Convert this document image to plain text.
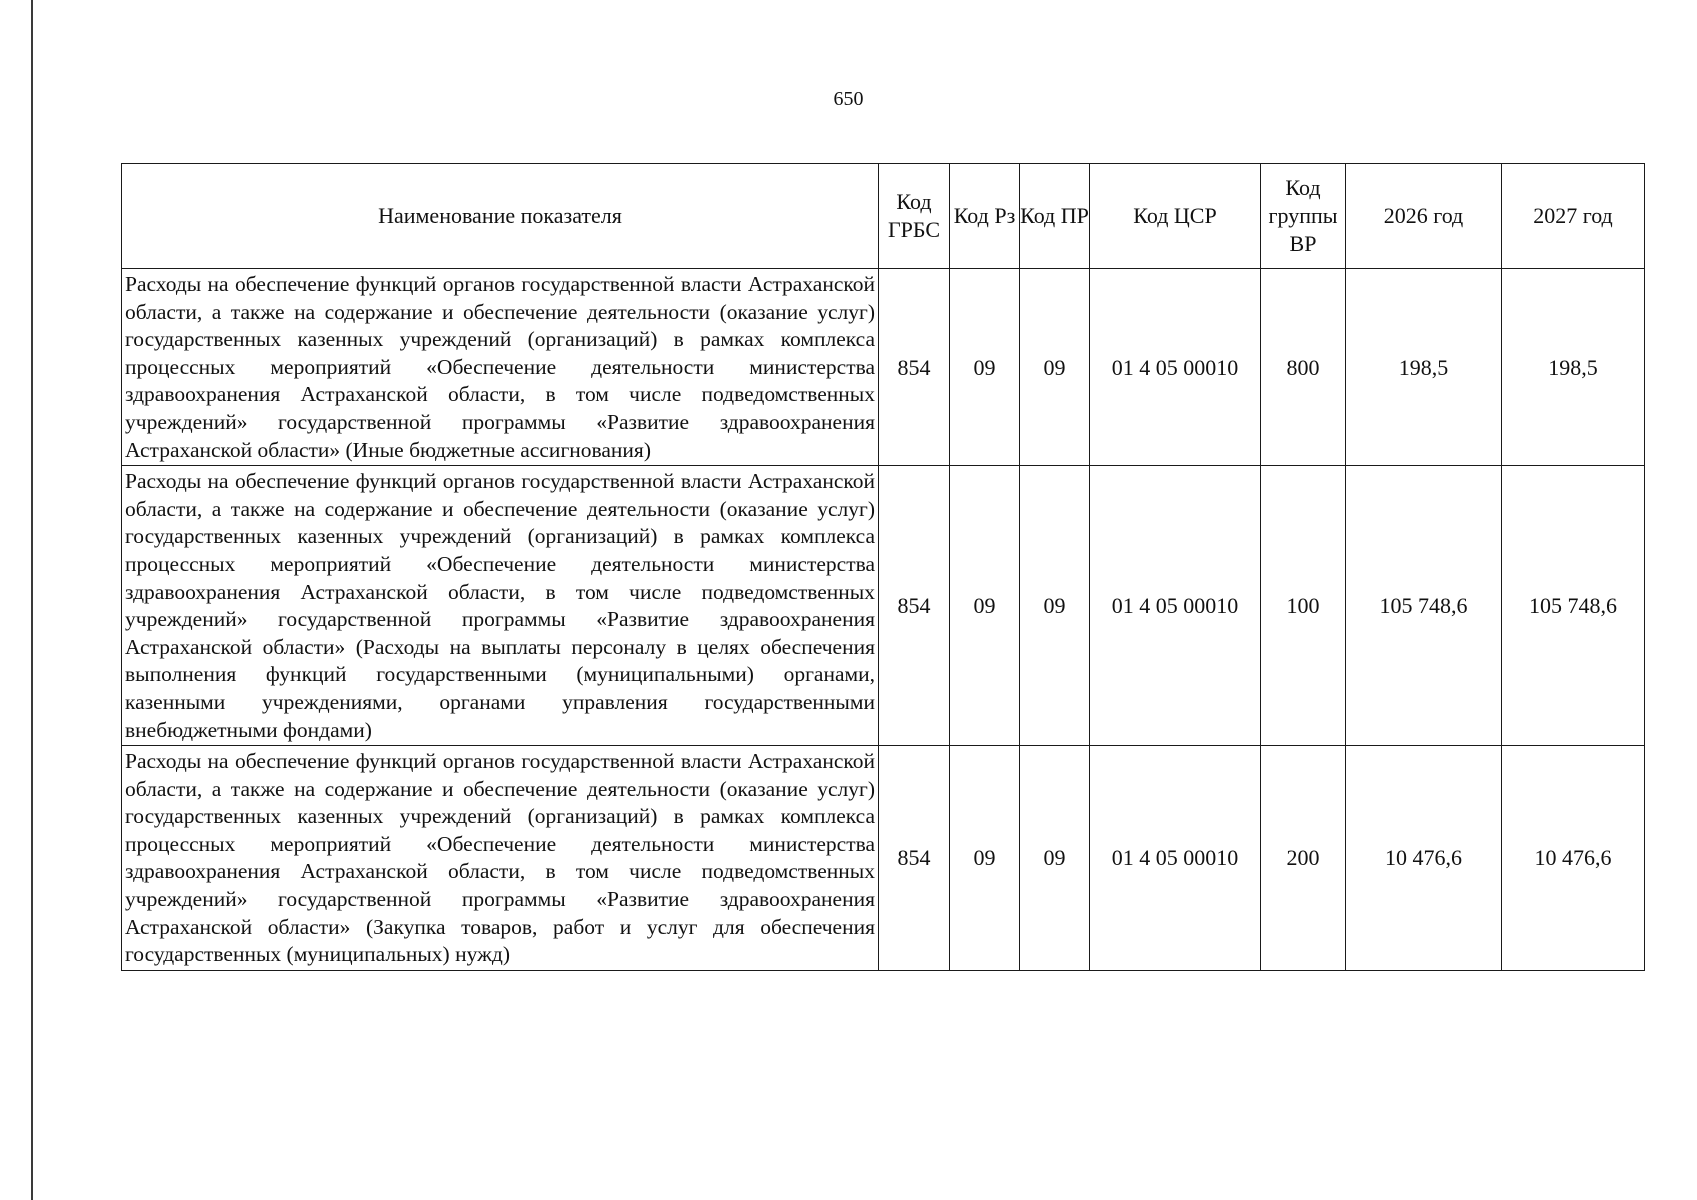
650
Наименование показателя	Код ГРБС	Код Рз	Код ПР	Код ЦСР	Код группы ВР	2026 год	2027 год
Расходы на обеспечение функций органов государственной власти Астраханской области, а также на содержание и обеспечение деятельности (оказание услуг) государственных казенных учреждений (организаций) в рамках комплекса процессных мероприятий «Обеспечение деятельности министерства здравоохранения Астраханской области, в том числе подведомственных учреждений» государственной программы «Развитие здравоохранения Астраханской области» (Иные бюджетные ассигнования)	854	09	09	01 4 05 00010	800	198,5	198,5
Расходы на обеспечение функций органов государственной власти Астраханской области, а также на содержание и обеспечение деятельности (оказание услуг) государственных казенных учреждений (организаций) в рамках комплекса процессных мероприятий «Обеспечение деятельности министерства здравоохранения Астраханской области, в том числе подведомственных учреждений» государственной программы «Развитие здравоохранения Астраханской области» (Расходы на выплаты персоналу в целях обеспечения выполнения функций государственными (муниципальными) органами, казенными учреждениями, органами управления государственными внебюджетными фондами)	854	09	09	01 4 05 00010	100	105 748,6	105 748,6
Расходы на обеспечение функций органов государственной власти Астраханской области, а также на содержание и обеспечение деятельности (оказание услуг) государственных казенных учреждений (организаций) в рамках комплекса процессных мероприятий «Обеспечение деятельности министерства здравоохранения Астраханской области, в том числе подведомственных учреждений» государственной программы «Развитие здравоохранения Астраханской области» (Закупка товаров, работ и услуг для обеспечения государственных (муниципальных) нужд)	854	09	09	01 4 05 00010	200	10 476,6	10 476,6
